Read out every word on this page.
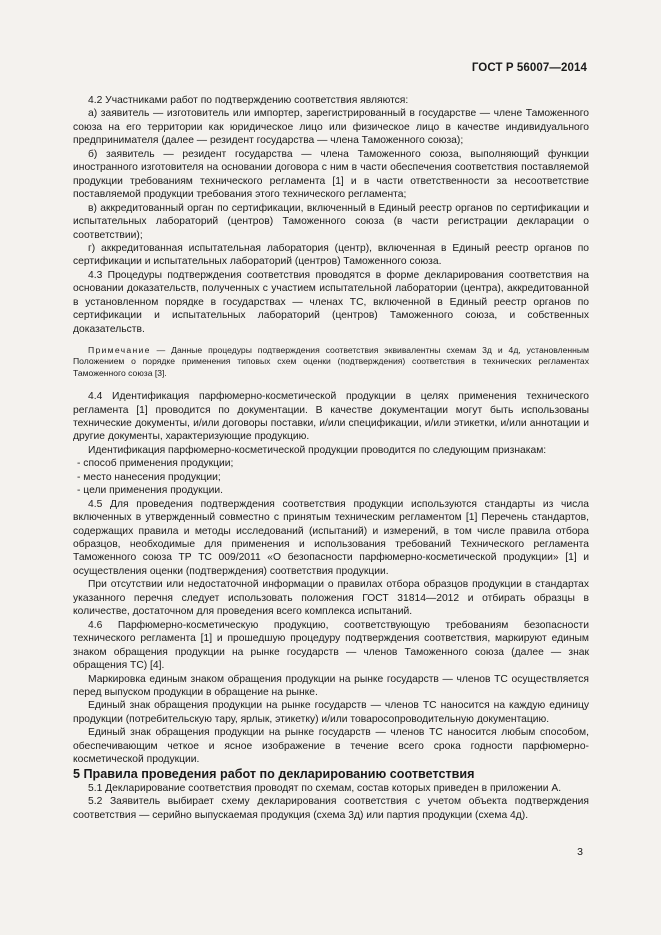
ГОСТ Р 56007—2014

4.2 Участниками работ по подтверждению соответствия являются:

а) заявитель — изготовитель или импортер, зарегистрированный в государстве — члене Таможенного союза на его территории как юридическое лицо или физическое лицо в качестве индивидуального предпринимателя (далее — резидент государства — члена Таможенного союза);

б) заявитель — резидент государства — члена Таможенного союза, выполняющий функции иностранного изготовителя на основании договора с ним в части обеспечения соответствия поставляемой продукции требованиям технического регламента [1] и в части ответственности за несоответствие поставляемой продукции требования этого технического регламента;

в) аккредитованный орган по сертификации, включенный в Единый реестр органов по сертификации и испытательных лабораторий (центров) Таможенного союза (в части регистрации декларации о соответствии);

г) аккредитованная испытательная лаборатория (центр), включенная в Единый реестр органов по сертификации и испытательных лабораторий (центров) Таможенного союза.

4.3 Процедуры подтверждения соответствия проводятся в форме декларирования соответствия на основании доказательств, полученных с участием испытательной лаборатории (центра), аккредитованной в установленном порядке в государствах — членах ТС, включенной в Единый реестр органов по сертификации и испытательных лабораторий (центров) Таможенного союза, и собственных доказательств.

Примечание — Данные процедуры подтверждения соответствия эквивалентны схемам 3д и 4д, установленным Положением о порядке применения типовых схем оценки (подтверждения) соответствия в технических регламентах Таможенного союза [3].

4.4 Идентификация парфюмерно-косметической продукции в целях применения технического регламента [1] проводится по документации. В качестве документации могут быть использованы технические документы, и/или договоры поставки, и/или спецификации, и/или этикетки, и/или аннотации и другие документы, характеризующие продукцию.

Идентификация парфюмерно-косметической продукции проводится по следующим признакам:

- способ применения продукции;

- место нанесения продукции;

- цели применения продукции.

4.5 Для проведения подтверждения соответствия продукции используются стандарты из числа включенных в утвержденный совместно с принятым техническим регламентом [1] Перечень стандартов, содержащих правила и методы исследований (испытаний) и измерений, в том числе правила отбора образцов, необходимые для применения и использования требований Технического регламента Таможенного союза ТР ТС 009/2011 «О безопасности парфюмерно-косметической продукции» [1] и осуществления оценки (подтверждения) соответствия продукции.

При отсутствии или недостаточной информации о правилах отбора образцов продукции в стандартах указанного перечня следует использовать положения ГОСТ 31814—2012 и отбирать образцы в количестве, достаточном для проведения всего комплекса испытаний.

4.6 Парфюмерно-косметическую продукцию, соответствующую требованиям безопасности технического регламента [1] и прошедшую процедуру подтверждения соответствия, маркируют единым знаком обращения продукции на рынке государств — членов Таможенного союза (далее — знак обращения ТС) [4].

Маркировка единым знаком обращения продукции на рынке государств — членов ТС осуществляется перед выпуском продукции в обращение на рынке.

Единый знак обращения продукции на рынке государств — членов ТС наносится на каждую единицу продукции (потребительскую тару, ярлык, этикетку) и/или товаросопроводительную документацию.

Единый знак обращения продукции на рынке государств — членов ТС наносится любым способом, обеспечивающим четкое и ясное изображение в течение всего срока годности парфюмерно-косметической продукции.

5 Правила проведения работ по декларированию соответствия

5.1 Декларирование соответствия проводят по схемам, состав которых приведен в приложении А.

5.2 Заявитель выбирает схему декларирования соответствия с учетом объекта подтверждения соответствия — серийно выпускаемая продукция (схема 3д) или партия продукции (схема 4д).

3
